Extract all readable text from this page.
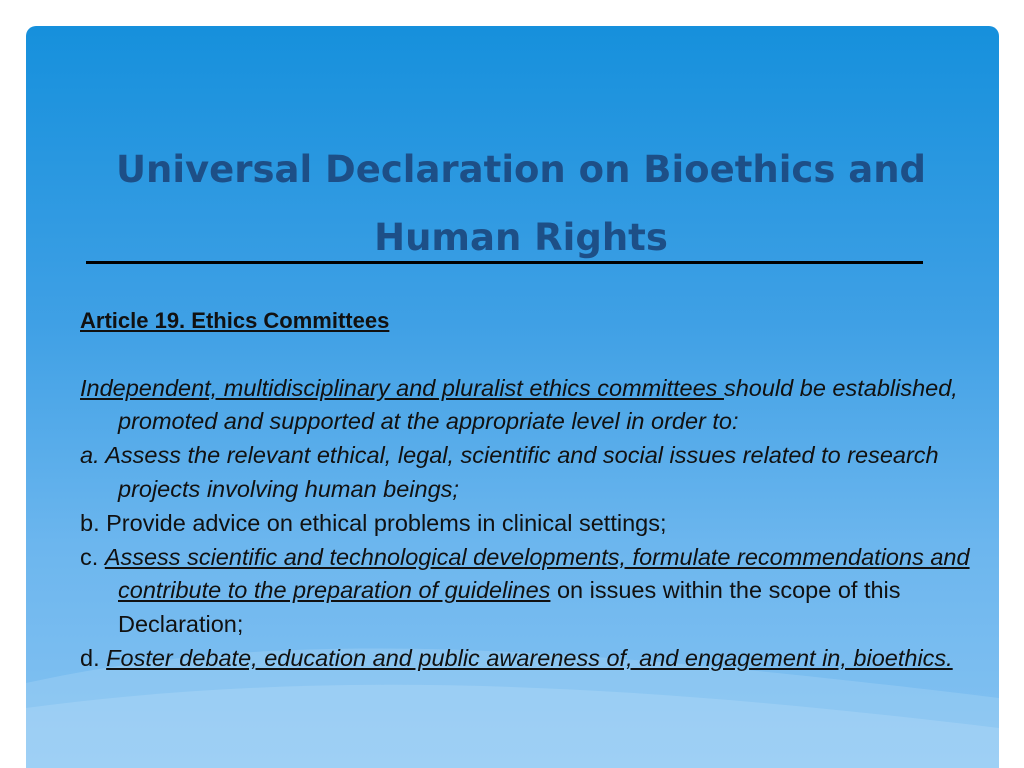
Universal Declaration on Bioethics and Human Rights
Article 19. Ethics Committees
Independent, multidisciplinary and pluralist ethics committees should be established, promoted and supported at the appropriate level in order to:
a. Assess the relevant ethical, legal, scientific and social issues related to research projects involving human beings;
b. Provide advice on ethical problems in clinical settings;
c. Assess scientific and technological developments, formulate recommendations and contribute to the preparation of guidelines on issues within the scope of this Declaration;
d. Foster debate, education and public awareness of, and engagement in, bioethics.
